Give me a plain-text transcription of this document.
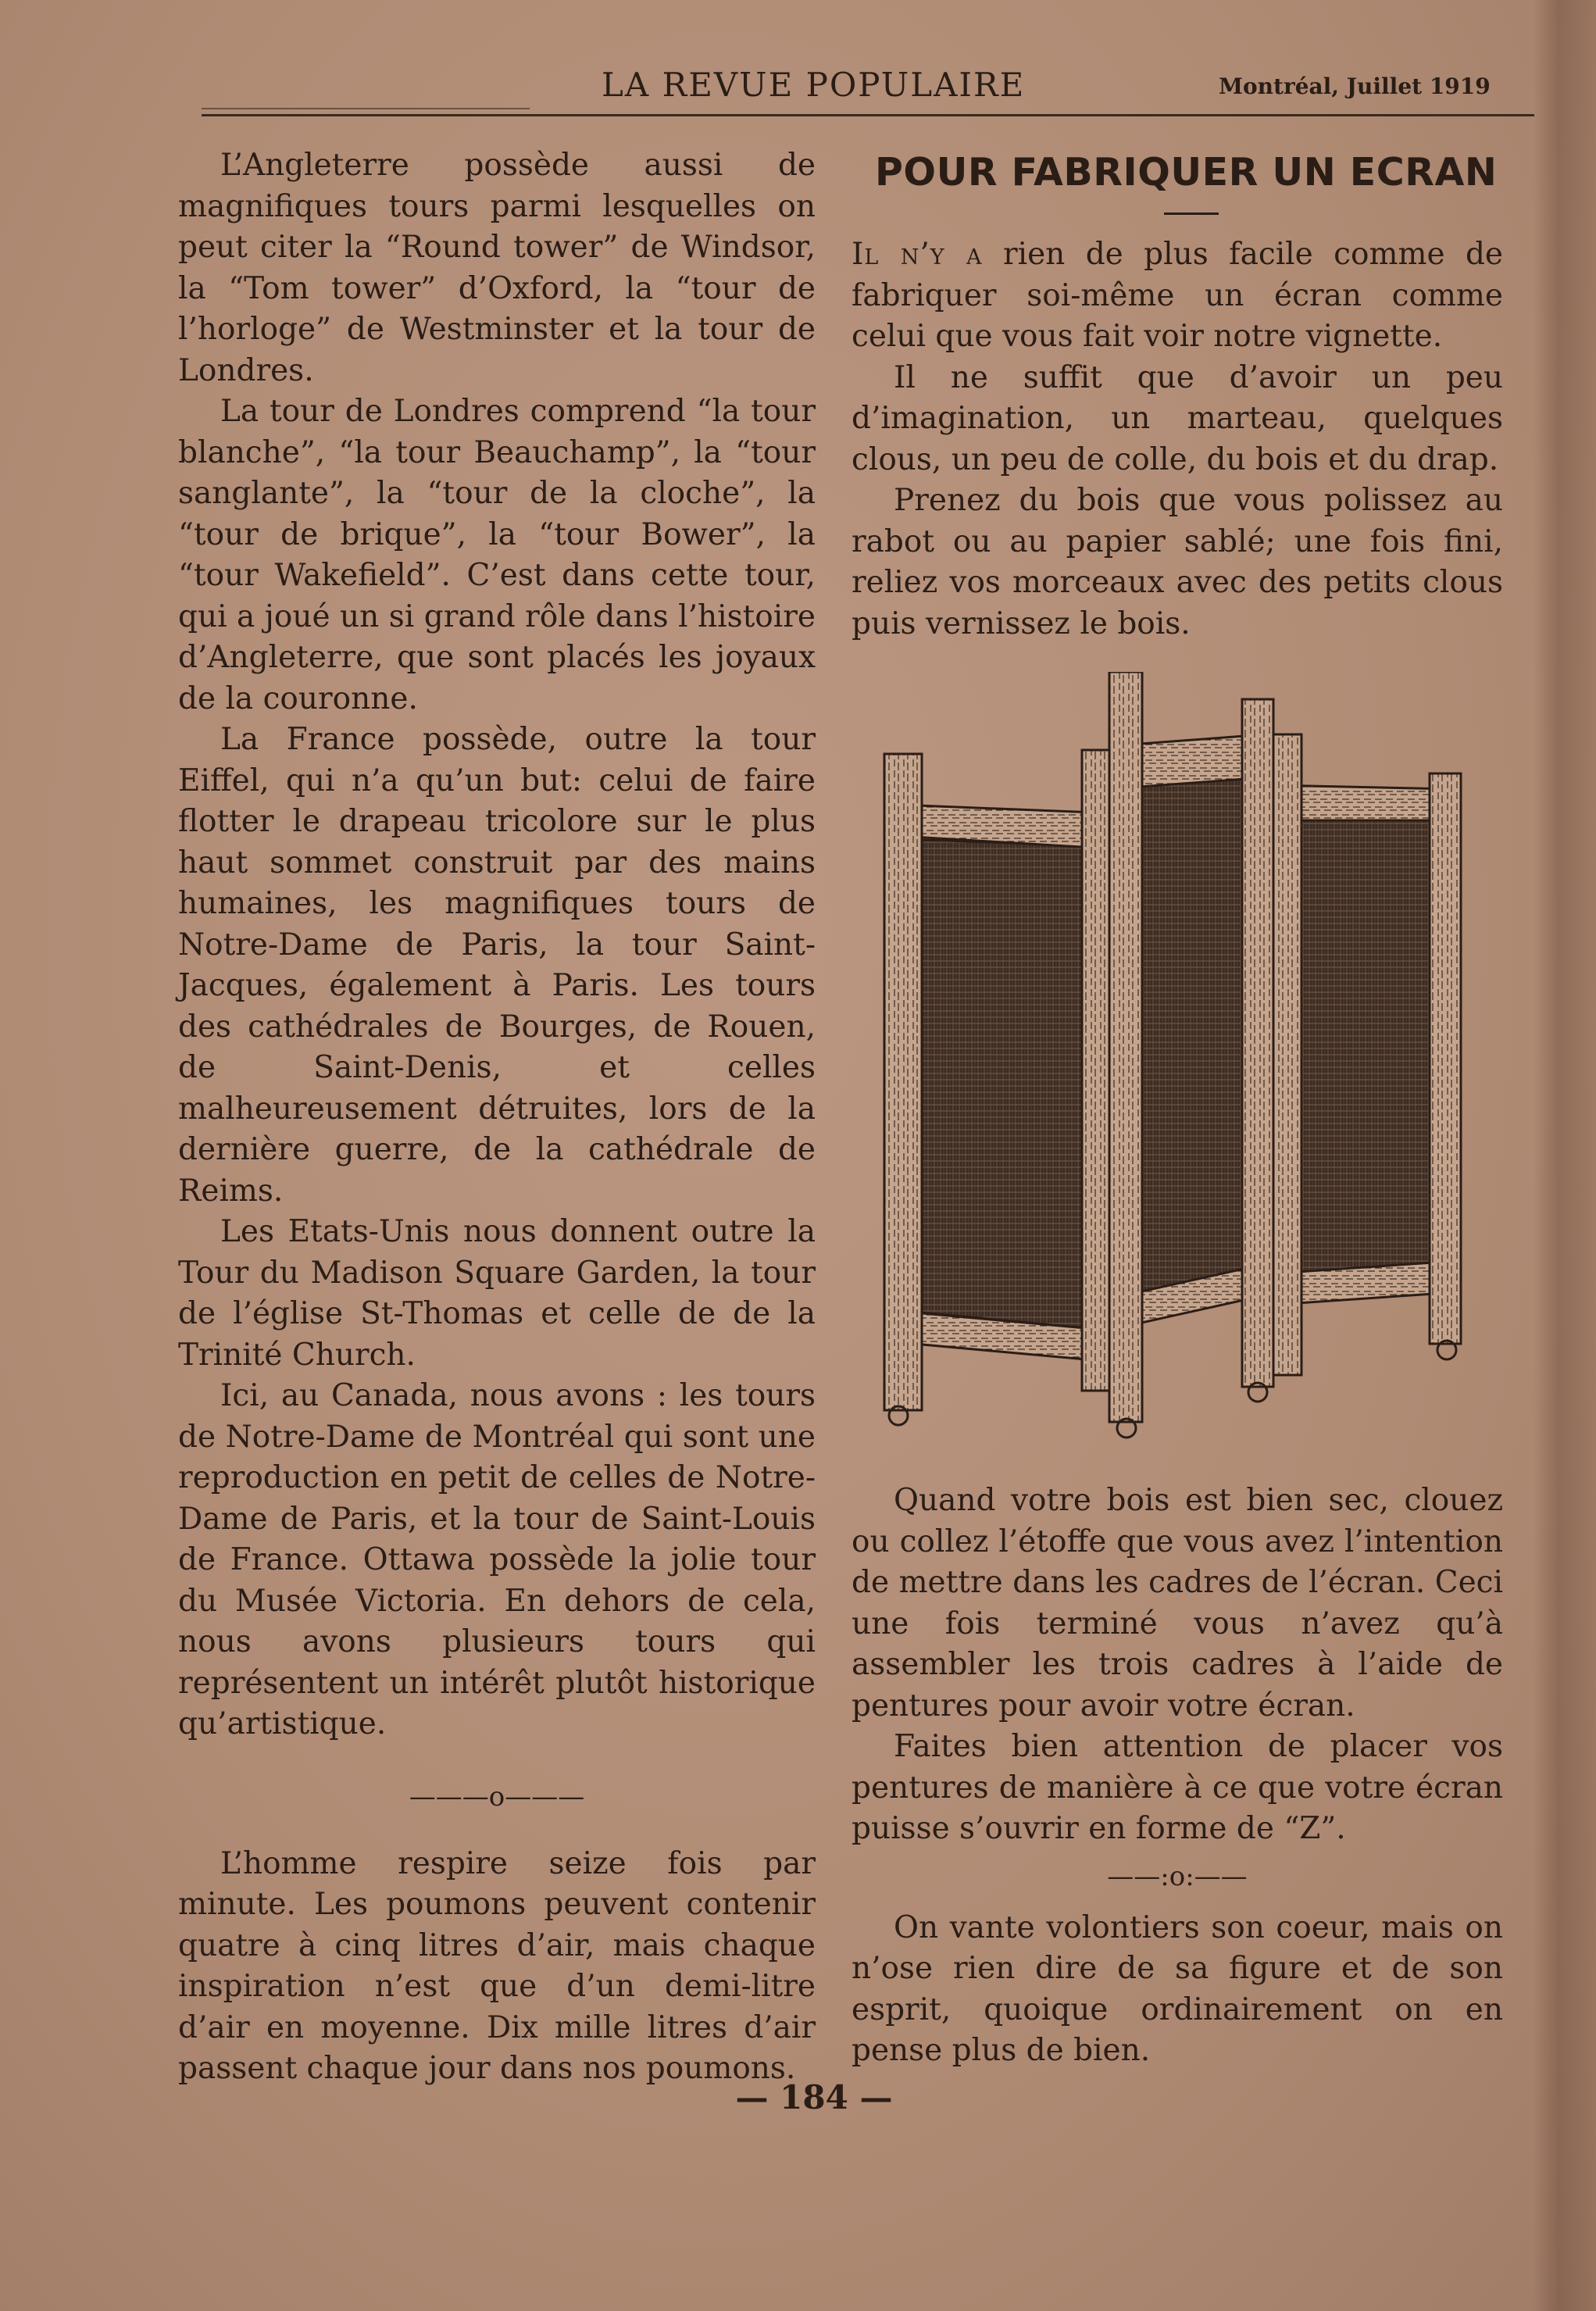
LA REVUE POPULAIRE	Montréal, Juillet 1919

L’Angleterre possède aussi de magnifiques tours parmi lesquelles on peut citer la “Round tower” de Windsor, la “Tom tower” d’Oxford, la “tour de l’horloge” de Westminster et la tour de Londres.

La tour de Londres comprend “la tour blanche”, “la tour Beauchamp”, la “tour sanglante”, la “tour de la cloche”, la “tour de brique”, la “tour Bower”, la “tour Wakefield”. C’est dans cette tour, qui a joué un si grand rôle dans l’histoire d’Angleterre, que sont placés les joyaux de la couronne.

La France possède, outre la tour Eiffel, qui n’a qu’un but: celui de faire flotter le drapeau tricolore sur le plus haut sommet construit par des mains humaines, les magnifiques tours de Notre-Dame de Paris, la tour Saint-Jacques, également à Paris. Les tours des cathédrales de Bourges, de Rouen, de Saint-Denis, et celles malheureusement détruites, lors de la dernière guerre, de la cathédrale de Reims.

Les Etats-Unis nous donnent outre la Tour du Madison Square Garden, la tour de l’église St-Thomas et celle de de la Trinité Church.

Ici, au Canada, nous avons : les tours de Notre-Dame de Montréal qui sont une reproduction en petit de celles de Notre-Dame de Paris, et la tour de Saint-Louis de France. Ottawa possède la jolie tour du Musée Victoria. En dehors de cela, nous avons plusieurs tours qui représentent un intérêt plutôt historique qu’artistique.

———o———

L’homme respire seize fois par minute. Les poumons peuvent contenir quatre à cinq litres d’air, mais chaque inspiration n’est que d’un demi-litre d’air en moyenne. Dix mille litres d’air passent chaque jour dans nos poumons.

POUR FABRIQUER UN ECRAN

Il n’y a rien de plus facile comme de fabriquer soi-même un écran comme celui que vous fait voir notre vignette.

Il ne suffit que d’avoir un peu d’imagination, un marteau, quelques clous, un peu de colle, du bois et du drap.

Prenez du bois que vous polissez au rabot ou au papier sablé; une fois fini, reliez vos morceaux avec des petits clous puis vernissez le bois.

Quand votre bois est bien sec, clouez ou collez l’étoffe que vous avez l’intention de mettre dans les cadres de l’écran. Ceci une fois terminé vous n’avez qu’à assembler les trois cadres à l’aide de pentures pour avoir votre écran.

Faites bien attention de placer vos pentures de manière à ce que votre écran puisse s’ouvrir en forme de “Z”.

——:o:——

On vante volontiers son coeur, mais on n’ose rien dire de sa figure et de son esprit, quoique ordinairement on en pense plus de bien.

— 184 —
